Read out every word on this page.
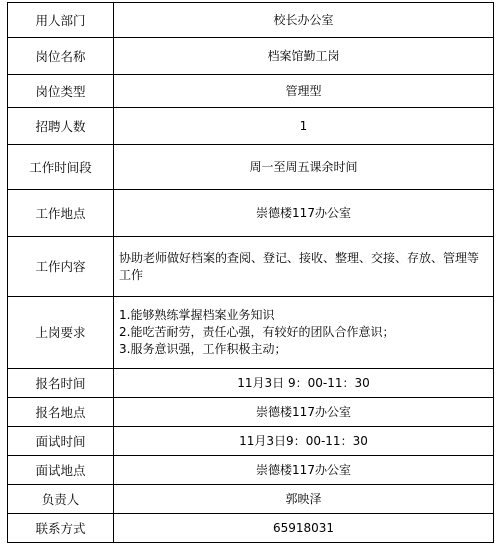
用人部门	校长办公室
岗位名称	档案馆勤工岗
岗位类型	管理型
招聘人数	1
工作时间段	周一至周五课余时间
工作地点	崇德楼117办公室
工作内容	协助老师做好档案的查阅、登记、接收、整理、交接、存放、管理等工作
上岗要求	1.能够熟练掌握档案业务知识
2.能吃苦耐劳，责任心强，有较好的团队合作意识；
3.服务意识强，工作积极主动；

报名时间	11月3日 9：00-11：30
报名地点	崇德楼117办公室
面试时间	11月3日9：00-11：30
面试地点	崇德楼117办公室
负责人	郭映泽
联系方式	65918031
